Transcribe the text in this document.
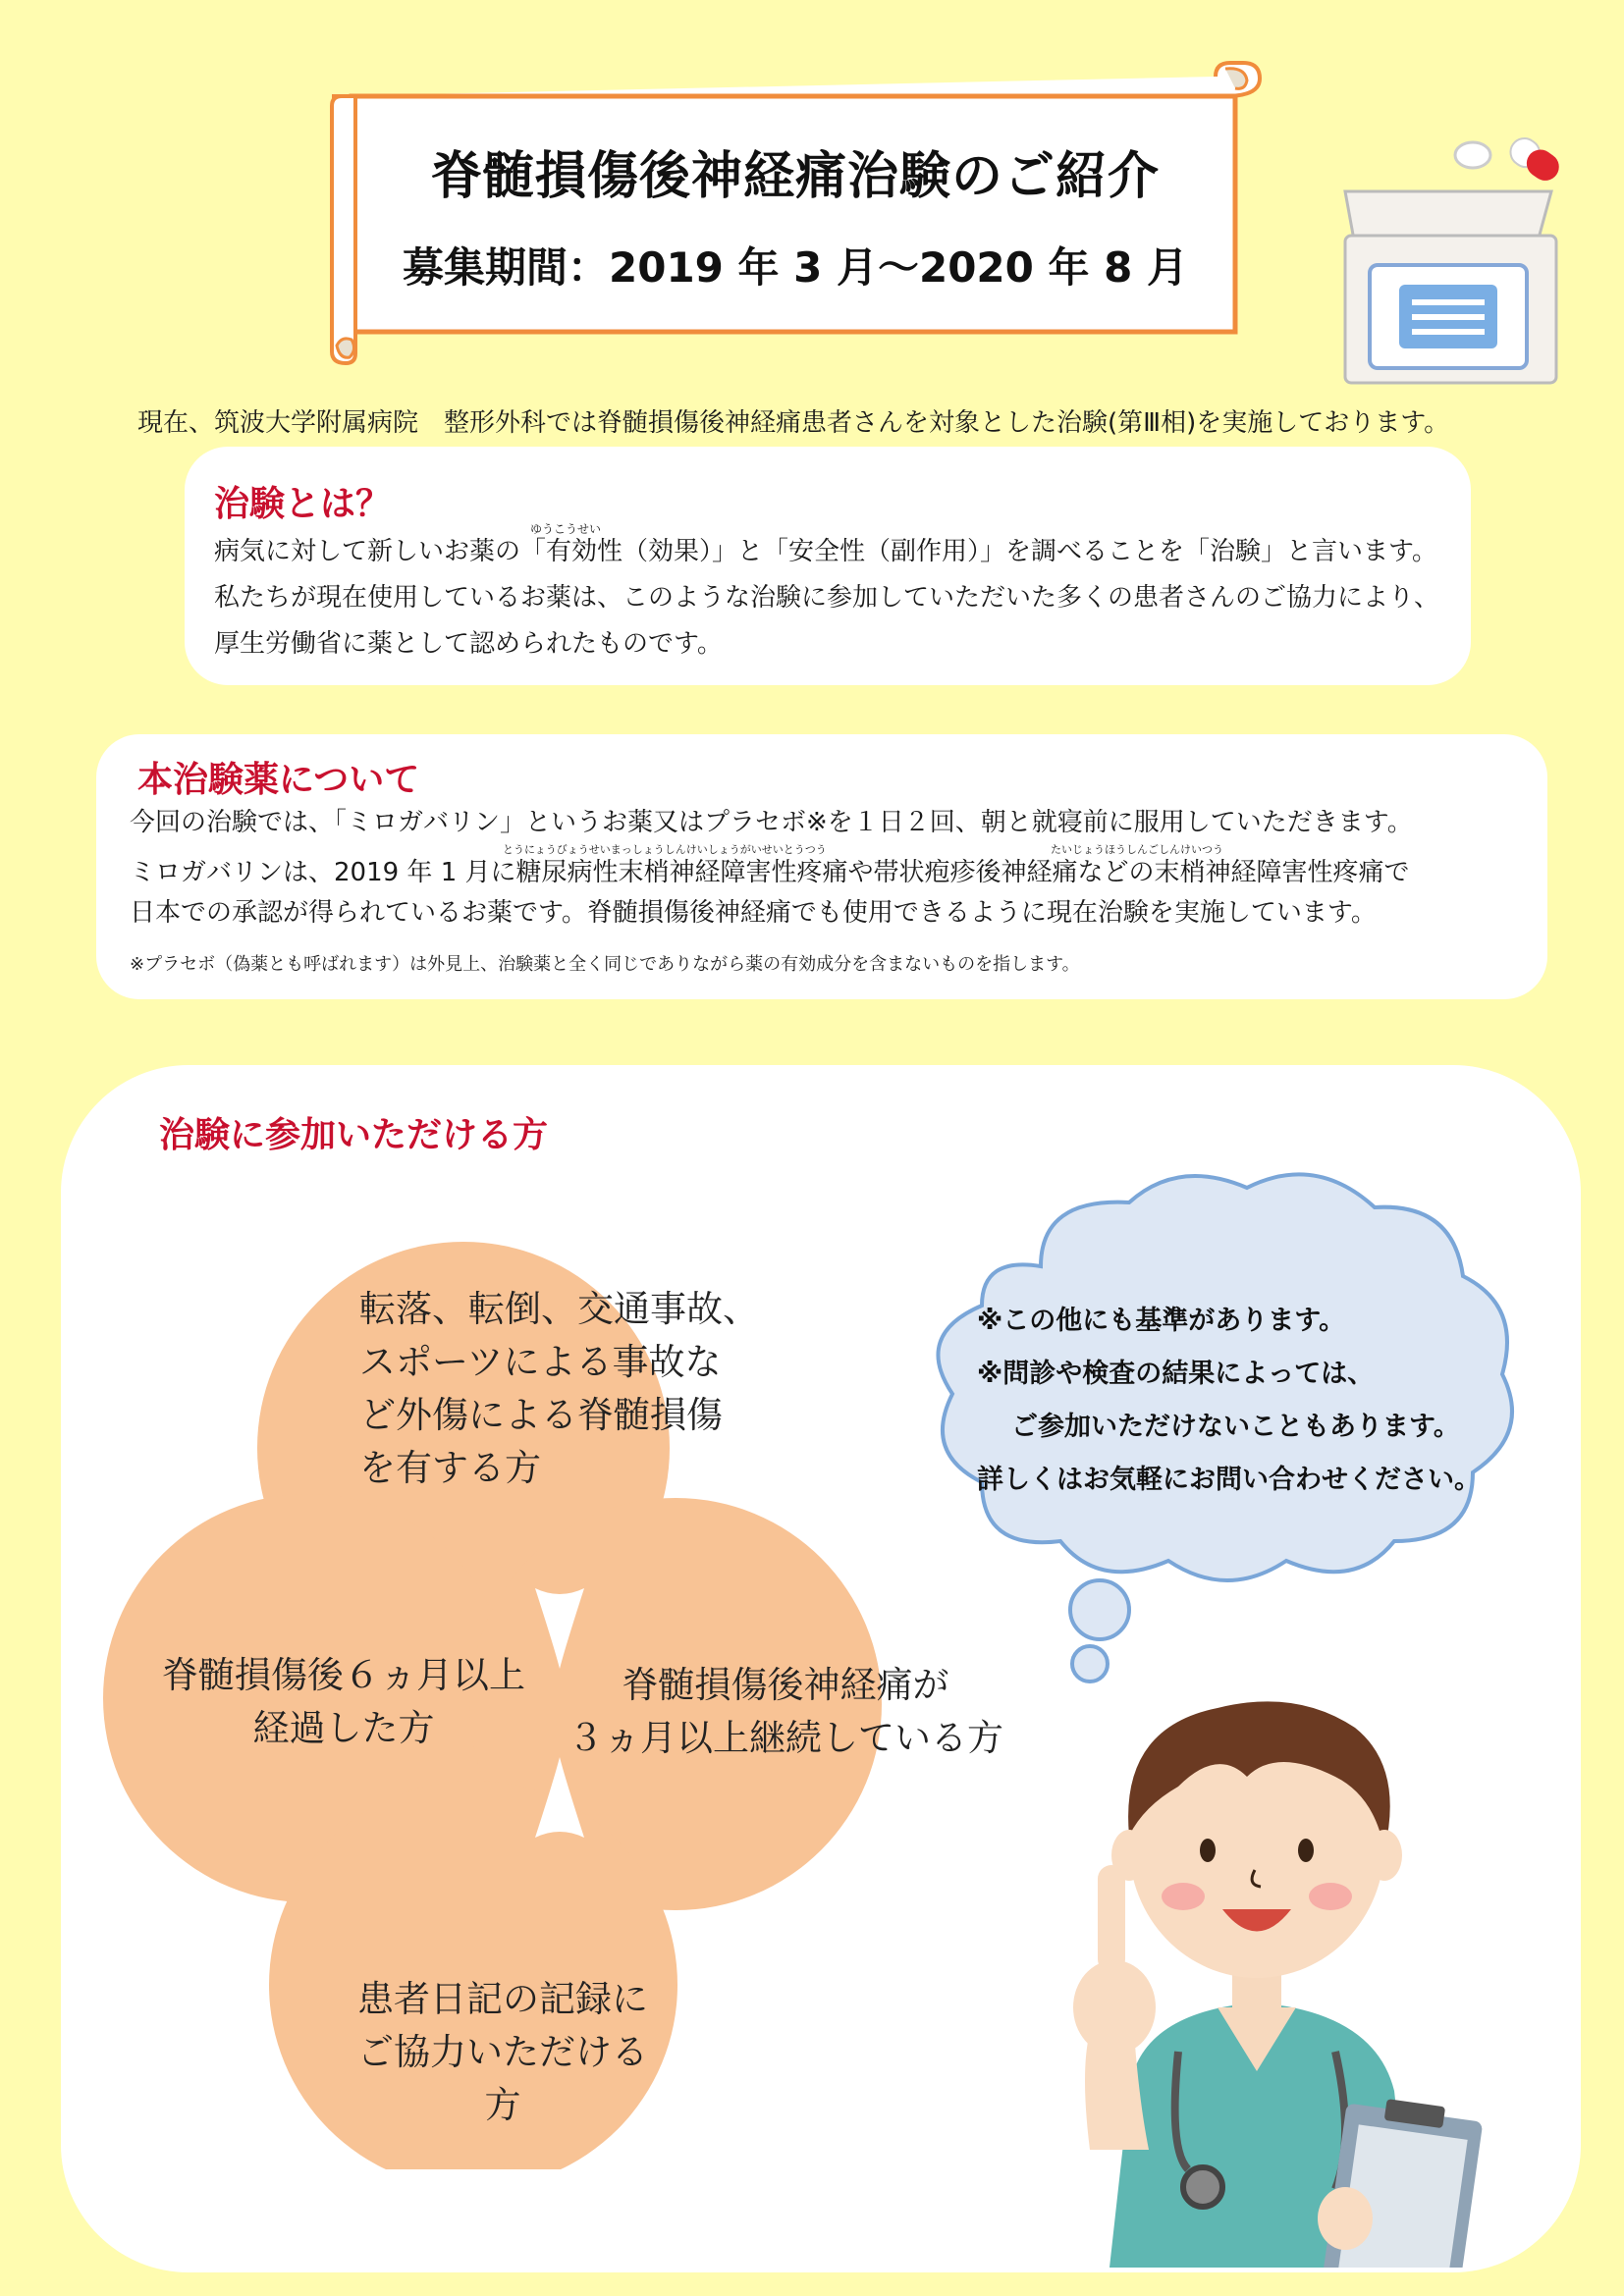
脊髄損傷後神経痛治験のご紹介
募集期間：2019 年 3 月～2020 年 8 月
現在、筑波大学附属病院　整形外科では脊髄損傷後神経痛患者さんを対象とした治験(第Ⅲ相)を実施しております。
治験とは？
ゆうこうせい
病気に対して新しいお薬の「有効性（効果）」と「安全性（副作用）」を調べることを「治験」と言います。
私たちが現在使用しているお薬は、このような治験に参加していただいた多くの患者さんのご協力により、
厚生労働省に薬として認められたものです。
本治験薬について
今回の治験では、「ミロガバリン」というお薬又はプラセボ※を１日２回、朝と就寝前に服用していただきます。
とうにょうびょうせいまっしょうしんけいしょうがいせいとうつう	たいじょうほうしんごしんけいつう
ミロガバリンは、2019 年 1 月に糖尿病性末梢神経障害性疼痛や帯状疱疹後神経痛などの末梢神経障害性疼痛で
日本での承認が得られているお薬です。脊髄損傷後神経痛でも使用できるように現在治験を実施しています。
※プラセボ（偽薬とも呼ばれます）は外見上、治験薬と全く同じでありながら薬の有効成分を含まないものを指します。
治験に参加いただける方
転落、転倒、交通事故、
スポーツによる事故な
ど外傷による脊髄損傷
を有する方
脊髄損傷後６ヵ月以上
経過した方
脊髄損傷後神経痛が
３ヵ月以上継続している方
患者日記の記録に
ご協力いただける方
※この他にも基準があります。
※問診や検査の結果によっては、
ご参加いただけないこともあります。
詳しくはお気軽にお問い合わせください。
